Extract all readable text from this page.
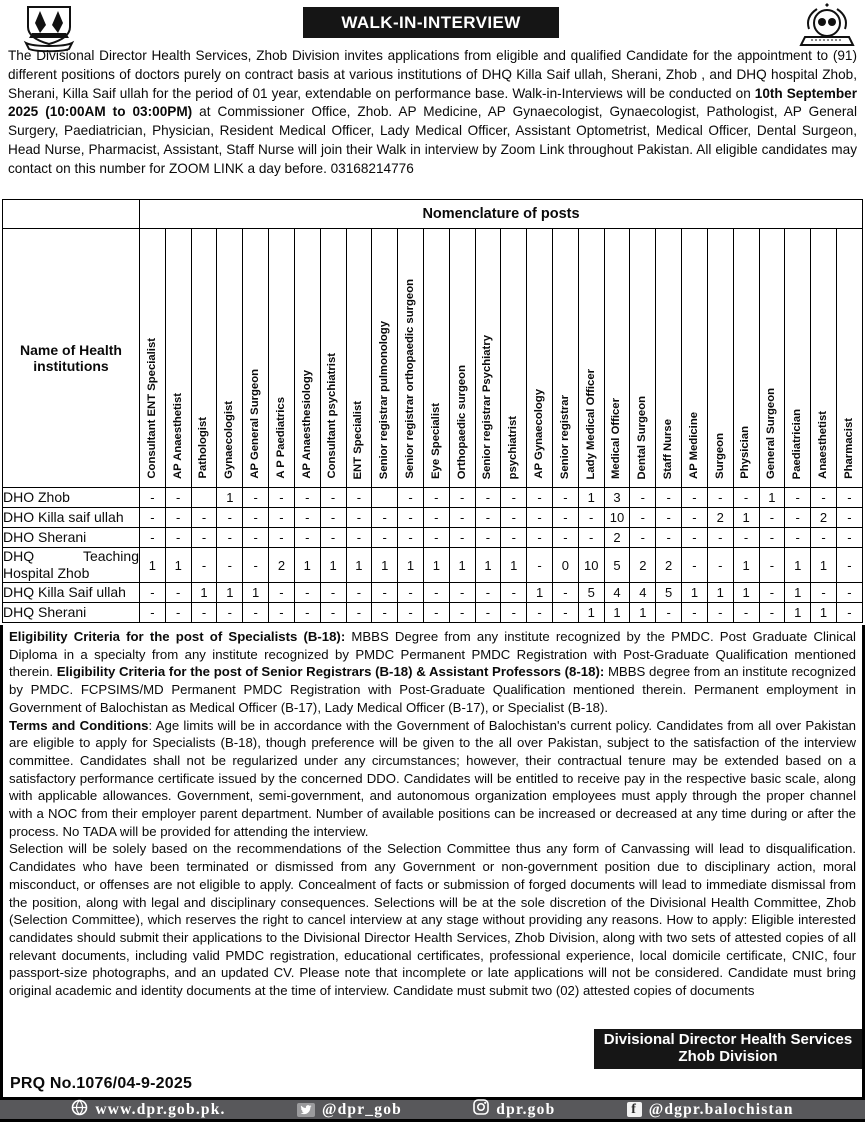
WALK-IN-INTERVIEW
The Divisional Director Health Services, Zhob Division invites applications from eligible and qualified Candidate for the appointment to (91) different positions of doctors purely on contract basis at various institutions of DHQ Killa Saif ullah, Sherani, Zhob , and DHQ hospital Zhob, Sherani, Killa Saif ullah for the period of 01 year, extendable on performance base. Walk-in-Interviews will be conducted on 10th September 2025 (10:00AM to 03:00PM) at Commissioner Office, Zhob. AP Medicine, AP Gynaecologist, Gynaecologist, Pathologist, AP General Surgery, Paediatrician, Physician, Resident Medical Officer, Lady Medical Officer, Assistant Optometrist, Medical Officer, Dental Surgeon, Head Nurse, Pharmacist, Assistant, Staff Nurse will join their Walk in interview by Zoom Link throughout Pakistan. All eligible candidates may contact on this number for ZOOM LINK a day before. 03168214776
	Nomenclature of posts																											
Name of Health institutions	Consultant ENT Specialist	AP Anaesthetist	Pathologist	Gynaecologist	AP General Surgeon	A P Paediatrics	AP Anaesthesiology	Consultant psychiatrist	ENT Specialist	Senior registrar pulmonology	Senior registrar orthopaedic surgeon	Eye Specialist	Orthopaedic surgeon	Senior registrar Psychiatry	psychiatrist	AP Gynaecology	Senior registrar	Lady Medical Officer	Medical Officer	Dental Surgeon	Staff Nurse	AP Medicine	Surgeon	Physician	General Surgeon	Paediatrician	Anaesthetist	Pharmacist
DHO Zhob	-	-		1	-	-	-	-	-		-	-	-	-	-	-	-	1	3	-	-	-	-	-	1	-	-	-
DHO Killa saif ullah	-	-	-	-	-	-	-	-	-	-	-	-	-	-	-	-	-	-	10	-	-	-	2	1	-	-	2	-
DHO Sherani	-	-	-	-	-	-	-	-	-	-	-	-	-	-	-	-	-	-	2	-	-	-	-	-	-	-	-	-
DHQ Teaching Hospital Zhob	1	1	-	-	-	2	1	1	1	1	1	1	1	1	1	-	0	10	5	2	2	-	-	1	-	1	1	-
DHQ Killa Saif ullah	-	-	1	1	1	-	-	-	-	-	-	-	-	-	-	1	-	5	4	4	5	1	1	1	-	1	-	-
DHQ Sherani	-	-	-	-	-	-	-	-	-	-	-	-	-	-	-	-	-	1	1	1	-	-	-	-	-	1	1	-
Eligibility Criteria for the post of Specialists (B-18): MBBS Degree from any institute recognized by the PMDC. Post Graduate Clinical Diploma in a specialty from any institute recognized by PMDC Permanent PMDC Registration with Post-Graduate Qualification mentioned therein. Eligibility Criteria for the post of Senior Registrars (B-18) & Assistant Professors (8-18): MBBS degree from an institute recognized by PMDC. FCPSIMS/MD Permanent PMDC Registration with Post-Graduate Qualification mentioned therein. Permanent employment in Government of Balochistan as Medical Officer (B-17), Lady Medical Officer (B-17), or Specialist (B-18).
Terms and Conditions: Age limits will be in accordance with the Government of Balochistan's current policy. Candidates from all over Pakistan are eligible to apply for Specialists (B-18), though preference will be given to the all over Pakistan, subject to the satisfaction of the interview committee. Candidates shall not be regularized under any circumstances; however, their contractual tenure may be extended based on a satisfactory performance certificate issued by the concerned DDO. Candidates will be entitled to receive pay in the respective basic scale, along with applicable allowances. Government, semi-government, and autonomous organization employees must apply through the proper channel with a NOC from their employer parent department. Number of available positions can be increased or decreased at any time during or after the process. No TADA will be provided for attending the interview.
Selection will be solely based on the recommendations of the Selection Committee thus any form of Canvassing will lead to disqualification. Candidates who have been terminated or dismissed from any Government or non-government position due to disciplinary action, moral misconduct, or offenses are not eligible to apply. Concealment of facts or submission of forged documents will lead to immediate dismissal from the position, along with legal and disciplinary consequences. Selections will be at the sole discretion of the Divisional Health Committee, Zhob (Selection Committee), which reserves the right to cancel interview at any stage without providing any reasons. How to apply: Eligible interested candidates should submit their applications to the Divisional Director Health Services, Zhob Division, along with two sets of attested copies of all relevant documents, including valid PMDC registration, educational certificates, professional experience, local domicile certificate, CNIC, four passport-size photographs, and an updated CV. Please note that incomplete or late applications will not be considered. Candidate must bring original academic and identity documents at the time of interview. Candidate must submit two (02) attested copies of documents
Divisional Director Health Services
Zhob Division
PRQ No.1076/04-9-2025
www.dpr.gob.pk.	@dpr_gob	dpr.gob	f @dgpr.balochistan
